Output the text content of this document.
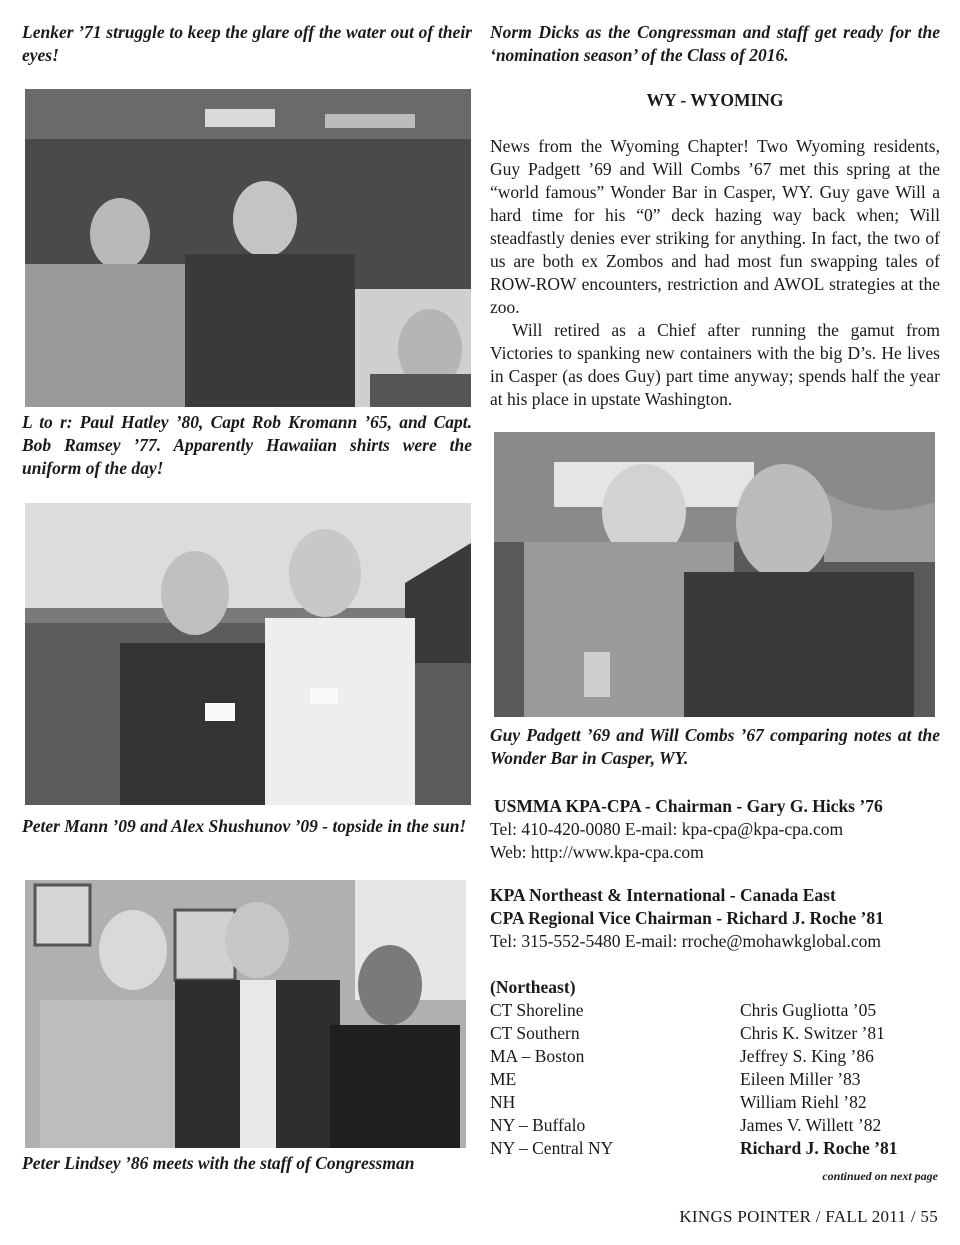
Lenker ’71 struggle to keep the glare off the water out of their eyes!
L to r: Paul Hatley ’80, Capt Rob Kromann ’65, and Capt. Bob Ramsey ’77. Apparently Hawaiian shirts were the uniform of the day!
Peter Mann ’09 and Alex Shushunov ’09 - topside in the sun!
Peter Lindsey ’86 meets with the staff of Congressman
Norm Dicks as the Congressman and staff get ready for the ‘nomination season’ of the Class of 2016.
WY - WYOMING

News from the Wyoming Chapter! Two Wyoming residents, Guy Padgett ’69 and Will Combs ’67 met this spring at the “world famous” Wonder Bar in Casper, WY. Guy gave Will a hard time for his “0” deck hazing way back when; Will steadfastly denies ever striking for anything. In fact, the two of us are both ex Zombos and had most fun swapping tales of ROW-ROW encounters, restriction and AWOL strategies at the zoo.

Will retired as a Chief after running the gamut from Victories to spanking new containers with the big D’s. He lives in Casper (as does Guy) part time anyway; spends half the year at his place in upstate Washington.

Guy Padgett ’69 and Will Combs ’67 comparing notes at the Wonder Bar in Casper, WY.
USMMA KPA-CPA - Chairman - Gary G. Hicks ’76
Tel: 410-420-0080 E-mail: kpa-cpa@kpa-cpa.com
Web: http://www.kpa-cpa.com
KPA Northeast & International - Canada East
CPA Regional Vice Chairman - Richard J. Roche ’81
Tel: 315-552-5480 E-mail: rroche@mohawkglobal.com
(Northeast)
CT Shoreline	Chris Gugliotta ’05
CT Southern	Chris K. Switzer ’81
MA – Boston	Jeffrey S. King ’86
ME	Eileen Miller ’83
NH	William Riehl ’82
NY – Buffalo	James V. Willett ’82
NY – Central NY	Richard J. Roche ’81
continued on next page
KINGS POINTER / FALL 2011 / 55
